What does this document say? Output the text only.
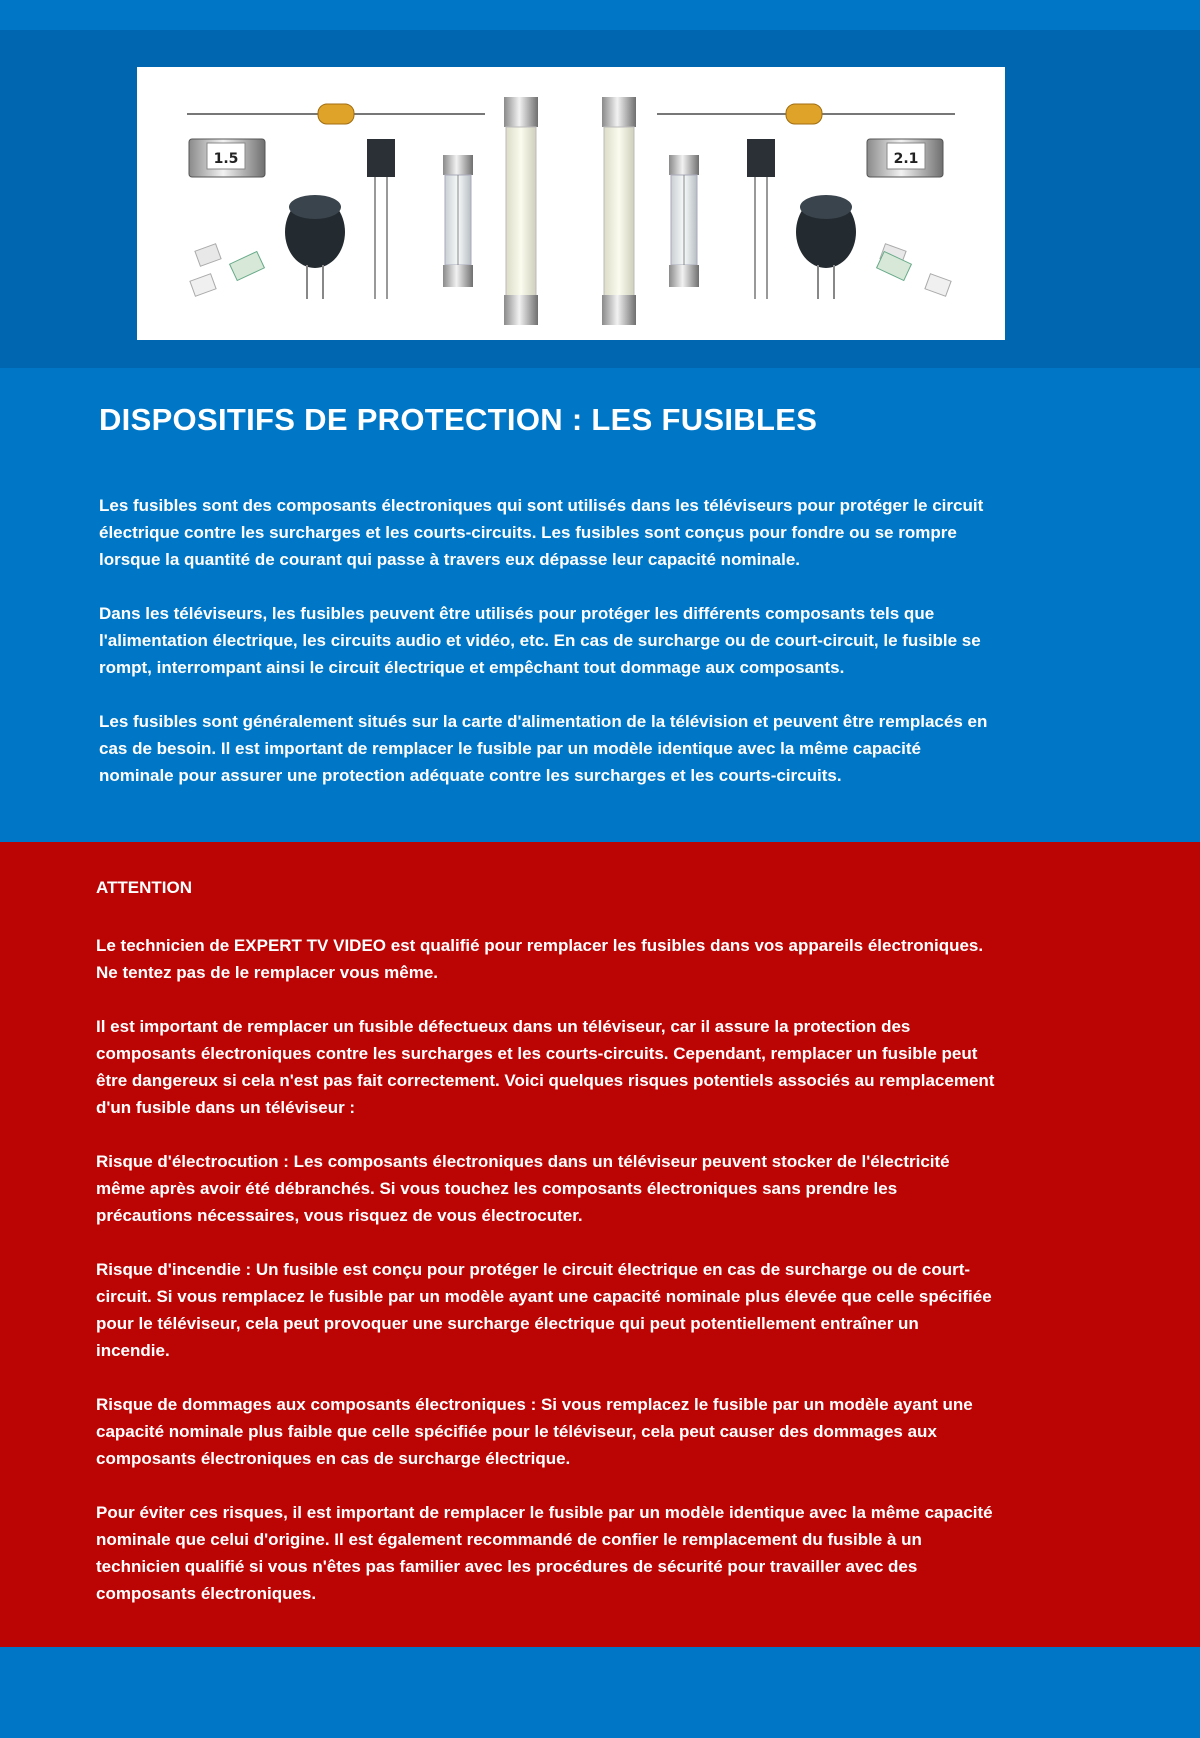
1.5	2.1
DISPOSITIFS DE PROTECTION : LES FUSIBLES

Les fusibles sont des composants électroniques qui sont utilisés dans les téléviseurs pour protéger le circuit électrique contre les surcharges et les courts-circuits. Les fusibles sont conçus pour fondre ou se rompre lorsque la quantité de courant qui passe à travers eux dépasse leur capacité nominale.

Dans les téléviseurs, les fusibles peuvent être utilisés pour protéger les différents composants tels que l'alimentation électrique, les circuits audio et vidéo, etc. En cas de surcharge ou de court-circuit, le fusible se rompt, interrompant ainsi le circuit électrique et empêchant tout dommage aux composants.

Les fusibles sont généralement situés sur la carte d'alimentation de la télévision et peuvent être remplacés en cas de besoin. Il est important de remplacer le fusible par un modèle identique avec la même capacité nominale pour assurer une protection adéquate contre les surcharges et les courts-circuits.

ATTENTION

Le technicien de EXPERT TV VIDEO est qualifié pour remplacer les fusibles dans vos appareils électroniques. Ne tentez pas de le remplacer vous même.

Il est important de remplacer un fusible défectueux dans un téléviseur, car il assure la protection des composants électroniques contre les surcharges et les courts-circuits. Cependant, remplacer un fusible peut être dangereux si cela n'est pas fait correctement. Voici quelques risques potentiels associés au remplacement d'un fusible dans un téléviseur :

Risque d'électrocution : Les composants électroniques dans un téléviseur peuvent stocker de l'électricité même après avoir été débranchés. Si vous touchez les composants électroniques sans prendre les précautions nécessaires, vous risquez de vous électrocuter.

Risque d'incendie : Un fusible est conçu pour protéger le circuit électrique en cas de surcharge ou de court-circuit. Si vous remplacez le fusible par un modèle ayant une capacité nominale plus élevée que celle spécifiée pour le téléviseur, cela peut provoquer une surcharge électrique qui peut potentiellement entraîner un incendie.

Risque de dommages aux composants électroniques : Si vous remplacez le fusible par un modèle ayant une capacité nominale plus faible que celle spécifiée pour le téléviseur, cela peut causer des dommages aux composants électroniques en cas de surcharge électrique.

Pour éviter ces risques, il est important de remplacer le fusible par un modèle identique avec la même capacité nominale que celui d'origine. Il est également recommandé de confier le remplacement du fusible à un technicien qualifié si vous n'êtes pas familier avec les procédures de sécurité pour travailler avec des composants électroniques.
